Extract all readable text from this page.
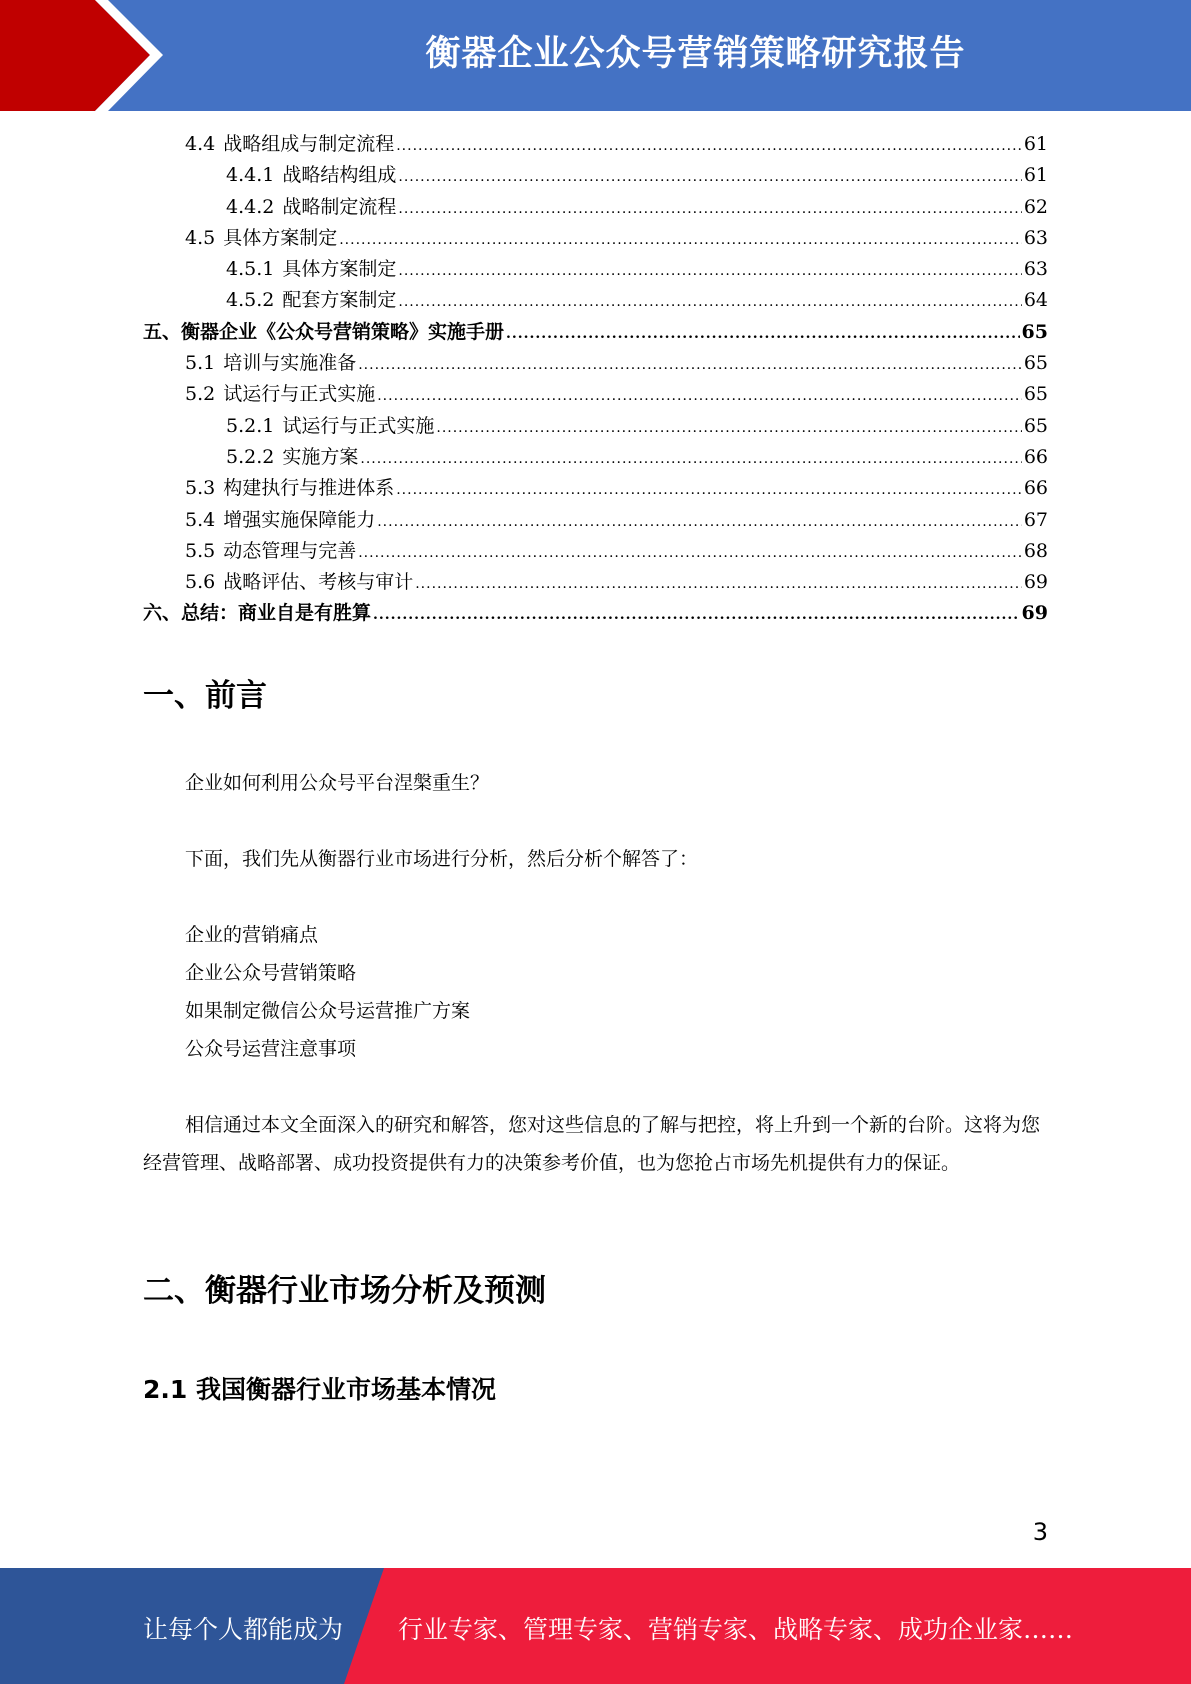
衡器企业公众号营销策略研究报告
4.4 战略组成与制定流程 .....	61
4.4.1 战略结构组成 .....	61
4.4.2 战略制定流程 .....	62
4.5 具体方案制定 .....	63
4.5.1 具体方案制定 .....	63
4.5.2 配套方案制定 .....	64
五、衡器企业《公众号营销策略》实施手册 .....	65
5.1 培训与实施准备 .....	65
5.2 试运行与正式实施 .....	65
5.2.1 试运行与正式实施 .....	65
5.2.2 实施方案 .....	66
5.3 构建执行与推进体系 .....	66
5.4 增强实施保障能力 .....	67
5.5 动态管理与完善 .....	68
5.6 战略评估、考核与审计 .....	69
六、总结：商业自是有胜算 .....	69
一、前言
企业如何利用公众号平台涅槃重生？
下面，我们先从衡器行业市场进行分析，然后分析个解答了：
企业的营销痛点
企业公众号营销策略
如果制定微信公众号运营推广方案
公众号运营注意事项
相信通过本文全面深入的研究和解答，您对这些信息的了解与把控，将上升到一个新的台阶。这将为您经营管理、战略部署、成功投资提供有力的决策参考价值，也为您抢占市场先机提供有力的保证。
二、衡器行业市场分析及预测
2.1 我国衡器行业市场基本情况
3
让每个人都能成为 行业专家、管理专家、营销专家、战略专家、成功企业家……
